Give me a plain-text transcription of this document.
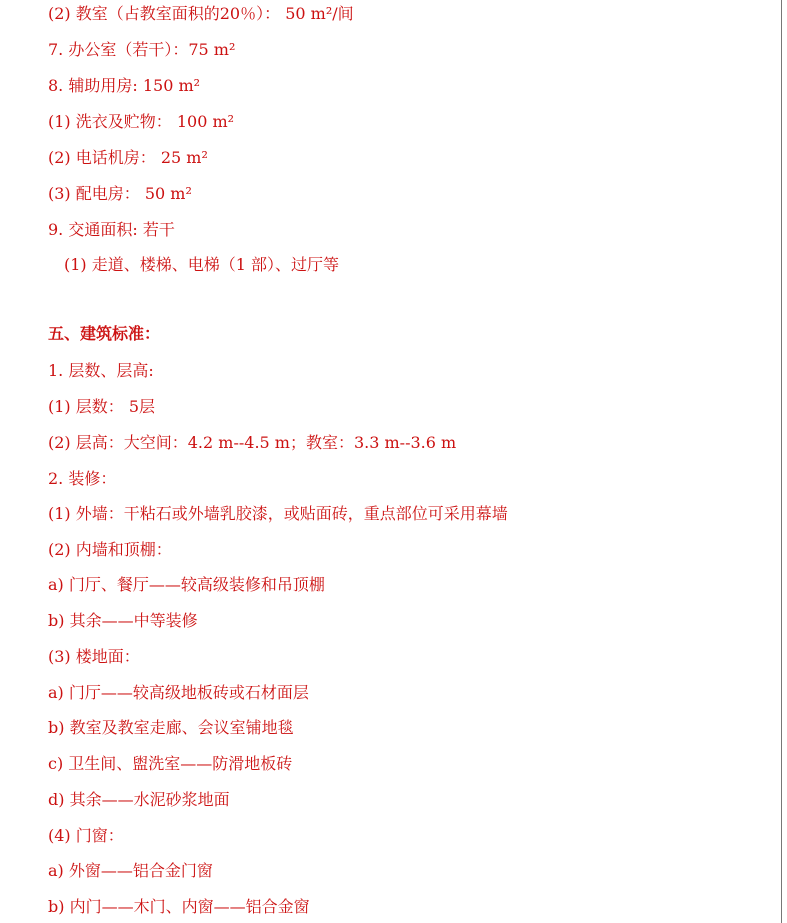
(2) 教室（占教室面积的20％）： 50 m²/间
7. 办公室（若干）：75 m²
8. 辅助用房: 150 m²
(1) 洗衣及贮物： 100 m²
(2) 电话机房： 25 m²
(3) 配电房： 50 m²
9. 交通面积: 若干
(1) 走道、楼梯、电梯（1 部）、过厅等
五、建筑标准：
1. 层数、层高:
(1) 层数： 5层
(2) 层高：大空间：4.2 m--4.5 m；教室：3.3 m--3.6 m
2. 装修：
(1) 外墙：干粘石或外墙乳胶漆，或贴面砖，重点部位可采用幕墙
(2) 内墙和顶棚：
a) 门厅、餐厅——较高级装修和吊顶棚
b) 其余——中等装修
(3) 楼地面：
a) 门厅——较高级地板砖或石材面层
b) 教室及教室走廊、会议室铺地毯
c) 卫生间、盥洗室——防滑地板砖
d) 其余——水泥砂浆地面
(4) 门窗：
a) 外窗——铝合金门窗
b) 内门——木门、内窗——铝合金窗
